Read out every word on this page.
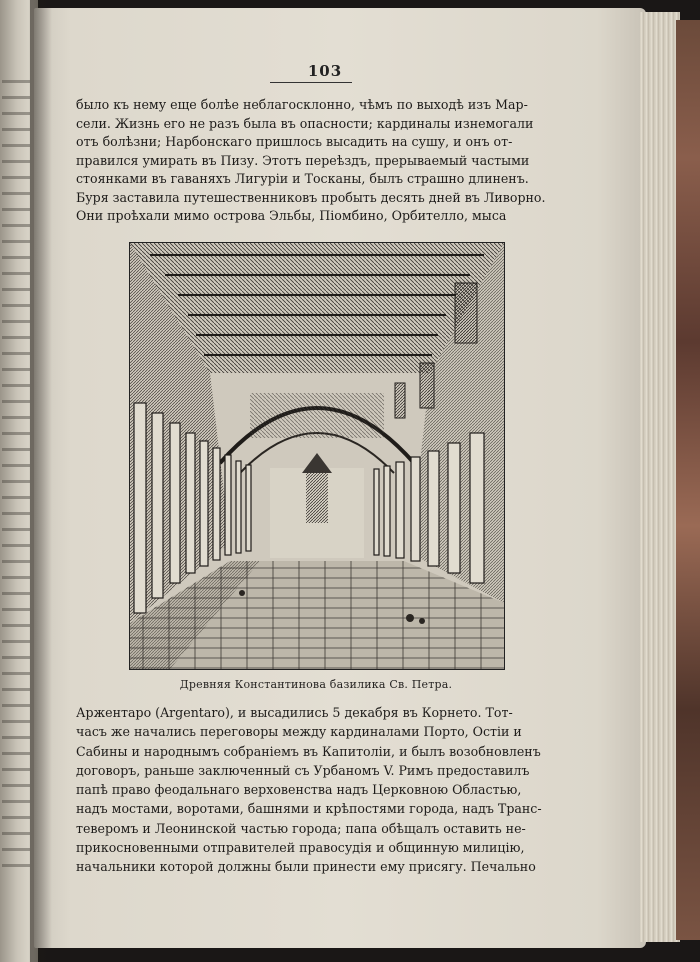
103

было къ нему еще болѣе неблагосклонно, чѣмъ по выходѣ изъ Мар-

сели. Жизнь его не разъ была въ опасности; кардиналы изнемогали

отъ болѣзни; Нарбонскаго пришлось высадить на сушу, и онъ от-

правился умирать въ Пизу. Этотъ переѣздъ, прерываемый частыми

стоянками въ гаваняхъ Лигуріи и Тосканы, былъ страшно длиненъ.

Буря заставила путешественниковъ пробыть десять дней въ Ливорно.

Они проѣхали мимо острова Эльбы, Піомбино, Орбителло, мыса

Древняя Константинова базилика Св. Петра.

Аржентаро (Argentaro), и высадились 5 декабря въ Корнето. Тот-

часъ же начались переговоры между кардиналами Порто, Остіи и

Сабины и народнымъ собраніемъ въ Капитоліи, и былъ возобновленъ

договоръ, раньше заключенный съ Урбаномъ V. Римъ предоставилъ

папѣ право феодальнаго верховенства надъ Церковною Областью,

надъ мостами, воротами, башнями и крѣпостями города, надъ Транс-

теверомъ и Леонинской частью города; папа обѣщалъ оставить не-

прикосновенными отправителей правосудія и общинную милицію,

начальники которой должны были принести ему присягу. Печально
